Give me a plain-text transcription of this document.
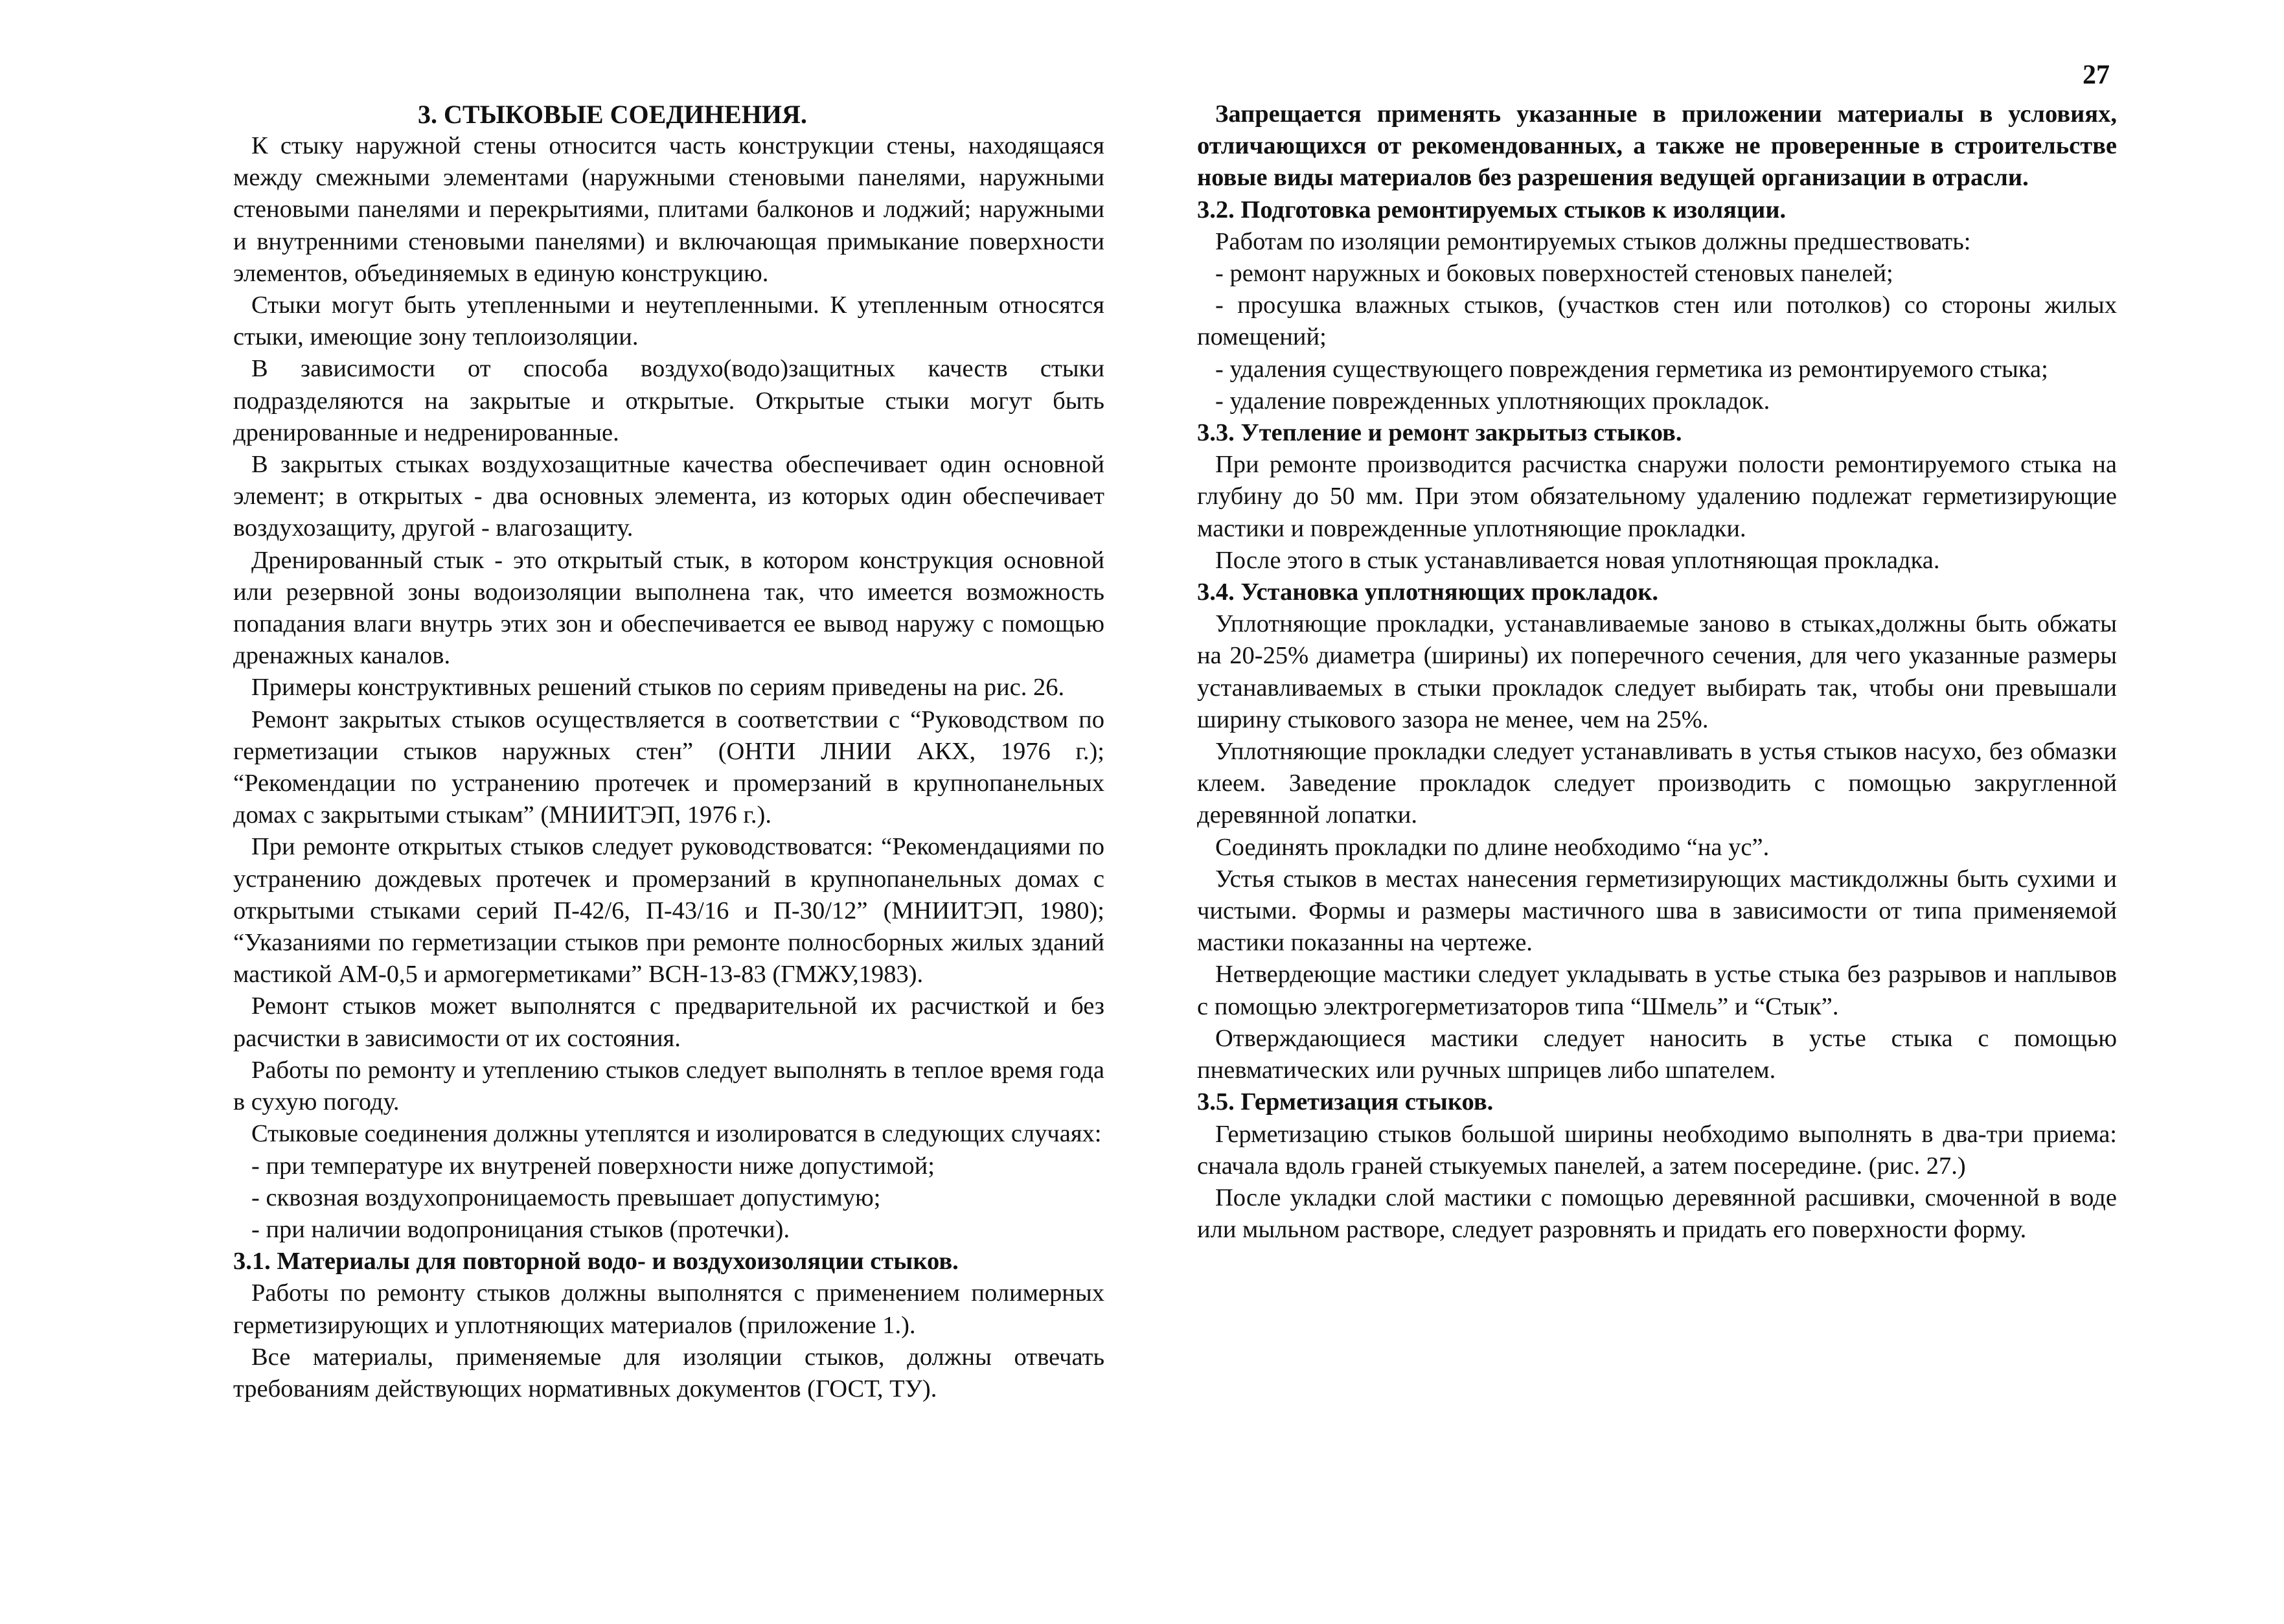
27

3. СТЫКОВЫЕ СОЕДИНЕНИЯ.

К стыку наружной стены относится часть конструкции стены, находящаяся между смежными элементами (наружными стеновыми панелями, наружными стеновыми панелями и перекрытиями, плитами балконов и лоджий; наружными и внутренними стеновыми панелями) и включающая примыкание поверхности элементов, объединяемых в единую конструкцию.

Стыки могут быть утепленными и неутепленными. К утепленным относятся стыки, имеющие зону теплоизоляции.

В зависимости от способа воздухо(водо)защитных качеств стыки подразделяются на закрытые и открытые. Открытые стыки могут быть дренированные и недренированные.

В закрытых стыках воздухозащитные качества обеспечивает один основной элемент; в открытых - два основных элемента, из которых один обеспечивает воздухозащиту, другой - влагозащиту.

Дренированный стык - это открытый стык, в котором конструкция основной или резервной зоны водоизоляции выполнена так, что имеется возможность попадания влаги внутрь этих зон и обеспечивается ее вывод наружу с помощью дренажных каналов.

Примеры конструктивных решений стыков по сериям приведены на рис. 26.

Ремонт закрытых стыков осуществляется в соответствии с “Руководством по герметизации стыков наружных стен” (ОНТИ ЛНИИ АКХ, 1976 г.); “Рекомендации по устранению протечек и промерзаний в крупнопанельных домах с закрытыми стыкам” (МНИИТЭП, 1976 г.).

При ремонте открытых стыков следует руководствоватся: “Рекомендациями по устранению дождевых протечек и промерзаний в крупнопанельных домах с открытыми стыками серий П-42/6, П-43/16 и П-30/12” (МНИИТЭП, 1980); “Указаниями по герметизации стыков при ремонте полносборных жилых зданий мастикой АМ-0,5 и армогерметиками” ВСН-13-83 (ГМЖУ,1983).

Ремонт стыков может выполнятся с предварительной их расчисткой и без расчистки в зависимости от их состояния.

Работы по ремонту и утеплению стыков следует выполнять в теплое время года в сухую погоду.

Стыковые соединения должны утеплятся и изолироватся в следующих случаях:

- при температуре их внутреней поверхности ниже допустимой;

- сквозная воздухопроницаемость превышает допустимую;

- при наличии водопроницания стыков (протечки).

3.1. Материалы для повторной водо- и воздухоизоляции стыков.

Работы по ремонту стыков должны выполнятся с применением полимерных герметизирующих и уплотняющих материалов (приложение 1.).

Все материалы, применяемые для изоляции стыков, должны отвечать требованиям действующих нормативных документов (ГОСТ, ТУ).

Запрещается применять указанные в приложении материалы в условиях, отличающихся от рекомендованных, а также не проверенные в строительстве новые виды материалов без разрешения ведущей организации в отрасли.

3.2. Подготовка ремонтируемых стыков к изоляции.

Работам по изоляции ремонтируемых стыков должны предшествовать:

- ремонт наружных и боковых поверхностей стеновых панелей;

- просушка влажных стыков, (участков стен или потолков) со стороны жилых помещений;

- удаления существующего повреждения герметика из ремонтируемого стыка;

- удаление поврежденных уплотняющих прокладок.

3.3. Утепление и ремонт закрытыз стыков.

При ремонте производится расчистка снаружи полости ремонтируемого стыка на глубину до 50 мм. При этом обязательному удалению подлежат герметизирующие мастики и поврежденные уплотняющие прокладки.

После этого в стык устанавливается новая уплотняющая прокладка.

3.4. Установка уплотняющих прокладок.

Уплотняющие прокладки, устанавливаемые заново в стыках,должны быть обжаты на 20-25% диаметра (ширины) их поперечного сечения, для чего указанные размеры устанавливаемых в стыки прокладок следует выбирать так, чтобы они превышали ширину стыкового зазора не менее, чем на 25%.

Уплотняющие прокладки следует устанавливать в устья стыков насухо, без обмазки клеем. Заведение прокладок следует производить с помощью закругленной деревянной лопатки.

Соединять прокладки по длине необходимо “на ус”.

Устья стыков в местах нанесения герметизирующих мастикдолжны быть сухими и чистыми. Формы и размеры мастичного шва в зависимости от типа применяемой мастики показанны на чертеже.

Нетвердеющие мастики следует укладывать в устье стыка без разрывов и наплывов с помощью электрогерметизаторов типа “Шмель” и “Стык”.

Отверждающиеся мастики следует наносить в устье стыка с помощью пневматических или ручных шприцев либо шпателем.

3.5. Герметизация стыков.

Герметизацию стыков большой ширины необходимо выполнять в два-три приема: сначала вдоль граней стыкуемых панелей, а затем посередине. (рис. 27.)

После укладки слой мастики с помощью деревянной расшивки, смоченной в воде или мыльном растворе, следует разровнять и придать его поверхности форму.
